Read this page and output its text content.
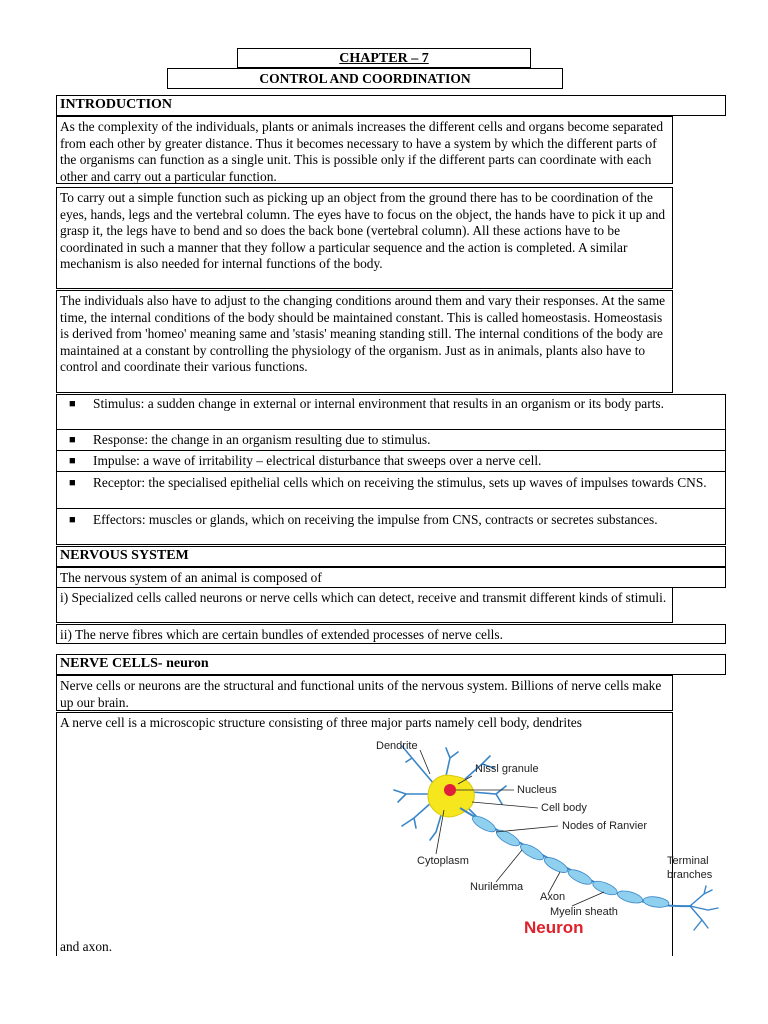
CHAPTER – 7
CONTROL AND COORDINATION
INTRODUCTION
As the complexity of the individuals, plants or animals increases the different cells and organs become separated from each other by greater distance. Thus it becomes necessary to have a system by which the different parts of the organisms can function as a single unit. This is possible only if the different parts can coordinate with each other and carry out a particular function.
To carry out a simple function such as picking up an object from the ground there has to be coordination of the eyes, hands, legs and the vertebral column. The eyes have to focus on the object, the hands have to pick it up and grasp it, the legs have to bend and so does the back bone (vertebral column). All these actions have to be coordinated in such a manner that they follow a particular sequence and the action is completed. A similar mechanism is also needed for internal functions of the body.
The individuals also have to adjust to the changing conditions around them and vary their responses. At the same time, the internal conditions of the body should be maintained constant. This is called homeostasis. Homeostasis is derived from 'homeo' meaning same and 'stasis' meaning standing still. The internal conditions of the body are maintained at a constant by controlling the physiology of the organism. Just as in animals, plants also have to control and coordinate their various functions.
■ Stimulus: a sudden change in external or internal environment that results in an organism or its body parts.
■ Response: the change in an organism resulting due to stimulus.
■ Impulse: a wave of irritability – electrical disturbance that sweeps over a nerve cell.
■ Receptor: the specialised epithelial cells which on receiving the stimulus, sets up waves of impulses towards CNS.
■ Effectors: muscles or glands, which on receiving the impulse from CNS, contracts or secretes substances.
NERVOUS SYSTEM
The nervous system of an animal is composed of
i) Specialized cells called neurons or nerve cells which can detect, receive and transmit different kinds of stimuli.
ii) The nerve fibres which are certain bundles of extended processes of nerve cells.
NERVE CELLS- neuron
Nerve cells or neurons are the structural and functional units of the nervous system. Billions of nerve cells make up our brain.
A nerve cell is a microscopic structure consisting of three major parts namely cell body, dendrites
and axon.
Dendrite
Nissl granule
Nucleus
Cell body
Nodes of Ranvier
Cytoplasm	Terminal
branches
Nurilemma
Axon
Myelin sheath
Neuron
